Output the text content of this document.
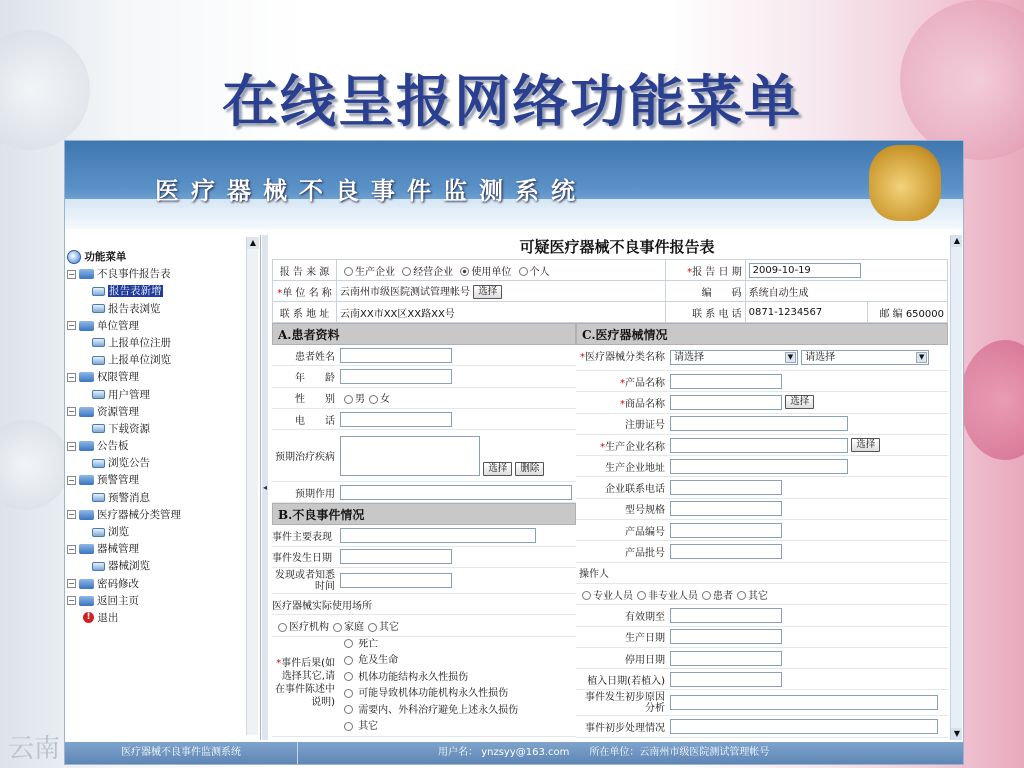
在线呈报网络功能菜单
医疗器械不良事件监测系统
▲
功能菜单
− 不良事件报告表
报告表新增
报告表浏览
− 单位管理
上报单位注册
上报单位浏览
− 权限管理
用户管理
− 资源管理
下载资源
− 公告板
浏览公告
− 预警管理
预警消息
− 医疗器械分类管理
浏览
− 器械管理
器械浏览
− 密码修改
− 返回主页
! 退出
◂
▲
▼
可疑医疗器械不良事件报告表
报 告 来 源	生产企业 经营企业 使用单位 个人	*报 告 日 期	2009-10-19	
*单 位 名 称	云南州市级医院测试管理帐号 选择	编　　码	系统自动生成	
联 系 地 址	云南XX市XX区XX路XX号	联 系 电 话	0871-1234567	邮 编 650000
A.患者资料
患者姓名
年　　龄
性　　别	男 女
电　　话
预期治疗疾病
选择 删除
预期作用
B.不良事件情况
事件主要表现
事件发生日期
发现或者知悉时间
医疗器械实际使用场所
医疗机构 家庭 其它
*事件后果(如选择其它,请在事件陈述中说明)
死亡
危及生命
机体功能结构永久性损伤
可能导致机体功能机构永久性损伤
需要内、外科治疗避免上述永久损伤
其它
C.医疗器械情况
*医疗器械分类名称 请选择	▼ 请选择	▼
*产品名称
*商品名称	选择
注册证号
*生产企业名称	选择
生产企业地址
企业联系电话
型号规格
产品编号
产品批号
操作人
专业人员 非专业人员 患者 其它
有效期至
生产日期
停用日期
植入日期(若植入)
事件发生初步原因分析
事件初步处理情况
医疗器械不良事件监测系统	用户名： ynzsyy@163.com　　 所在单位：云南州市级医院测试管理帐号
云南
